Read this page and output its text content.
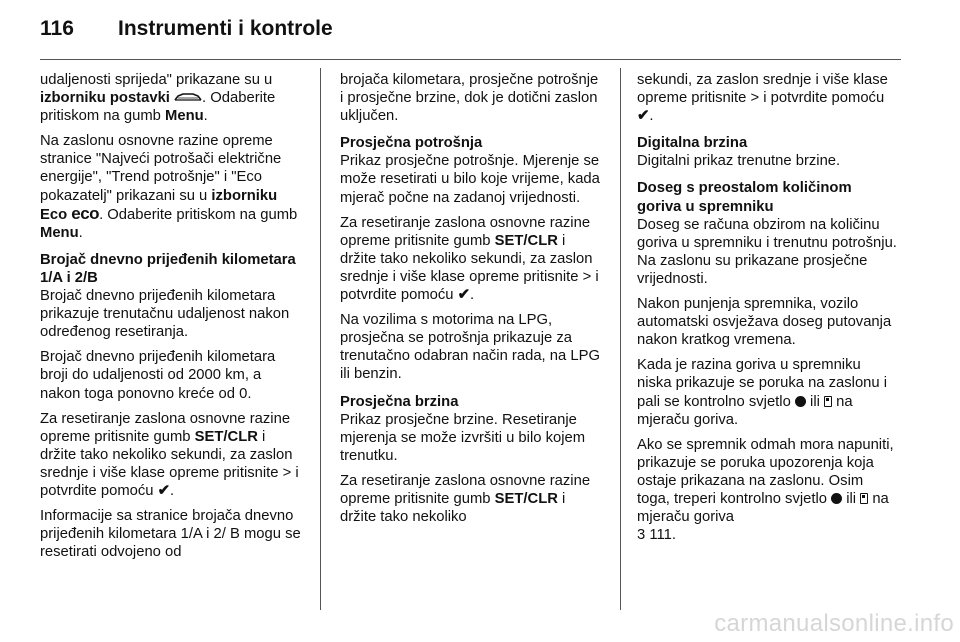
116 Instrumenti i kontrole

udaljenosti sprijeda" prikazane su u izborniku postavki . Odaberite pritiskom na gumb Menu.

Na zaslonu osnovne razine opreme stranice "Najveći potrošači električne energije", "Trend potrošnje" i "Eco pokazatelj" prikazani su u izborniku Eco eco. Odaberite pritiskom na gumb Menu.

Brojač dnevno prijeđenih kilometara 1/A i 2/B

Brojač dnevno prijeđenih kilometara prikazuje trenutačnu udaljenost nakon određenog resetiranja.

Brojač dnevno prijeđenih kilometara broji do udaljenosti od 2000 km, a nakon toga ponovno kreće od 0.

Za resetiranje zaslona osnovne razine opreme pritisnite gumb SET/CLR i držite tako nekoliko sekundi, za zaslon srednje i više klase opreme pritisnite > i potvrdite pomoću ✔.

Informacije sa stranice brojača dnevno prijeđenih kilometara 1/A i 2/ B mogu se resetirati odvojeno od

brojača kilometara, prosječne potrošnje i prosječne brzine, dok je dotični zaslon uključen.

Prosječna potrošnja

Prikaz prosječne potrošnje. Mjerenje se može resetirati u bilo koje vrijeme, kada mjerač počne na zadanoj vrijednosti.

Za resetiranje zaslona osnovne razine opreme pritisnite gumb SET/CLR i držite tako nekoliko sekundi, za zaslon srednje i više klase opreme pritisnite > i potvrdite pomoću ✔.

Na vozilima s motorima na LPG, prosječna se potrošnja prikazuje za trenutačno odabran način rada, na LPG ili benzin.

Prosječna brzina

Prikaz prosječne brzine. Resetiranje mjerenja se može izvršiti u bilo kojem trenutku.

Za resetiranje zaslona osnovne razine opreme pritisnite gumb SET/CLR i držite tako nekoliko

sekundi, za zaslon srednje i više klase opreme pritisnite > i potvrdite pomoću ✔.

Digitalna brzina

Digitalni prikaz trenutne brzine.

Doseg s preostalom količinom goriva u spremniku

Doseg se računa obzirom na količinu goriva u spremniku i trenutnu potrošnju. Na zaslonu su prikazane prosječne vrijednosti.

Nakon punjenja spremnika, vozilo automatski osvježava doseg putovanja nakon kratkog vremena.

Kada je razina goriva u spremniku niska prikazuje se poruka na zaslonu i pali se kontrolno svjetlo  ili  na mjeraču goriva.

Ako se spremnik odmah mora napuniti, prikazuje se poruka upozorenja koja ostaje prikazana na zaslonu. Osim toga, treperi kontrolno svjetlo  ili  na mjeraču goriva
3 111.

carmanualsonline.info
